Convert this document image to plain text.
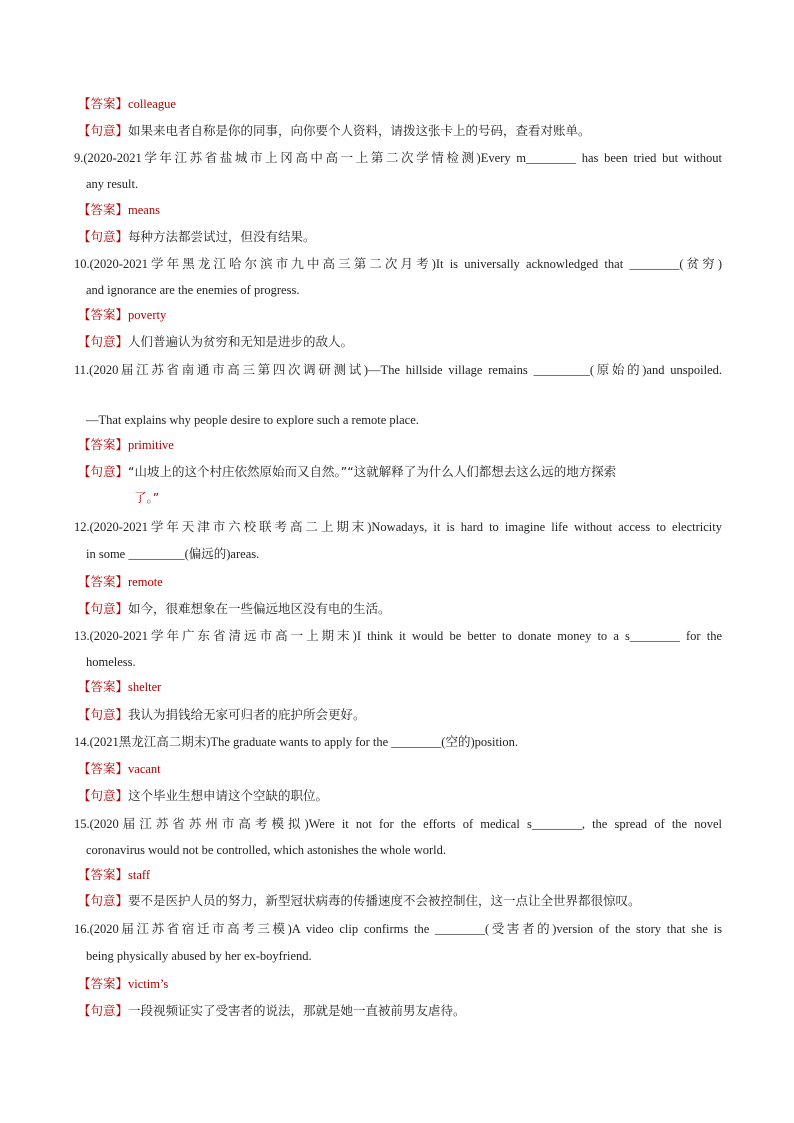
【答案】colleague
【句意】如果来电者自称是你的同事，向你要个人资料，请拨这张卡上的号码，查看对账单。
9.(2020-2021学年江苏省盐城市上冈高中高一上第二次学情检测)Every m________ has been tried but without
any result.
【答案】means
【句意】每种方法都尝试过，但没有结果。
10.(2020-2021学年黑龙江哈尔滨市九中高三第二次月考)It is universally acknowledged that ________(贫穷)
and ignorance are the enemies of progress.
【答案】poverty
【句意】人们普遍认为贫穷和无知是进步的敌人。
11.(2020届江苏省南通市高三第四次调研测试)—The hillside village remains _________(原始的)and unspoiled.
—That explains why people desire to explore such a remote place.
【答案】primitive
【句意】“山坡上的这个村庄依然原始而又自然。”“这就解释了为什么人们都想去这么远的地方探索
了。”
12.(2020-2021学年天津市六校联考高二上期末)Nowadays, it is hard to imagine life without access to electricity
in some _________(偏远的)areas.
【答案】remote
【句意】如今，很难想象在一些偏远地区没有电的生活。
13.(2020-2021学年广东省清远市高一上期末)I think it would be better to donate money to a s________ for the
homeless.
【答案】shelter
【句意】我认为捐钱给无家可归者的庇护所会更好。
14.(2021黑龙江高二期末)The graduate wants to apply for the ________(空的)position.
【答案】vacant
【句意】这个毕业生想申请这个空缺的职位。
15.(2020届江苏省苏州市高考模拟)Were it not for the efforts of medical s________, the spread of the novel
coronavirus would not be controlled, which astonishes the whole world.
【答案】staff
【句意】要不是医护人员的努力，新型冠状病毒的传播速度不会被控制住，这一点让全世界都很惊叹。
16.(2020届江苏省宿迁市高考三模)A video clip confirms the ________(受害者的)version of the story that she is
being physically abused by her ex-boyfriend.
【答案】victim’s
【句意】一段视频证实了受害者的说法，那就是她一直被前男友虐待。
